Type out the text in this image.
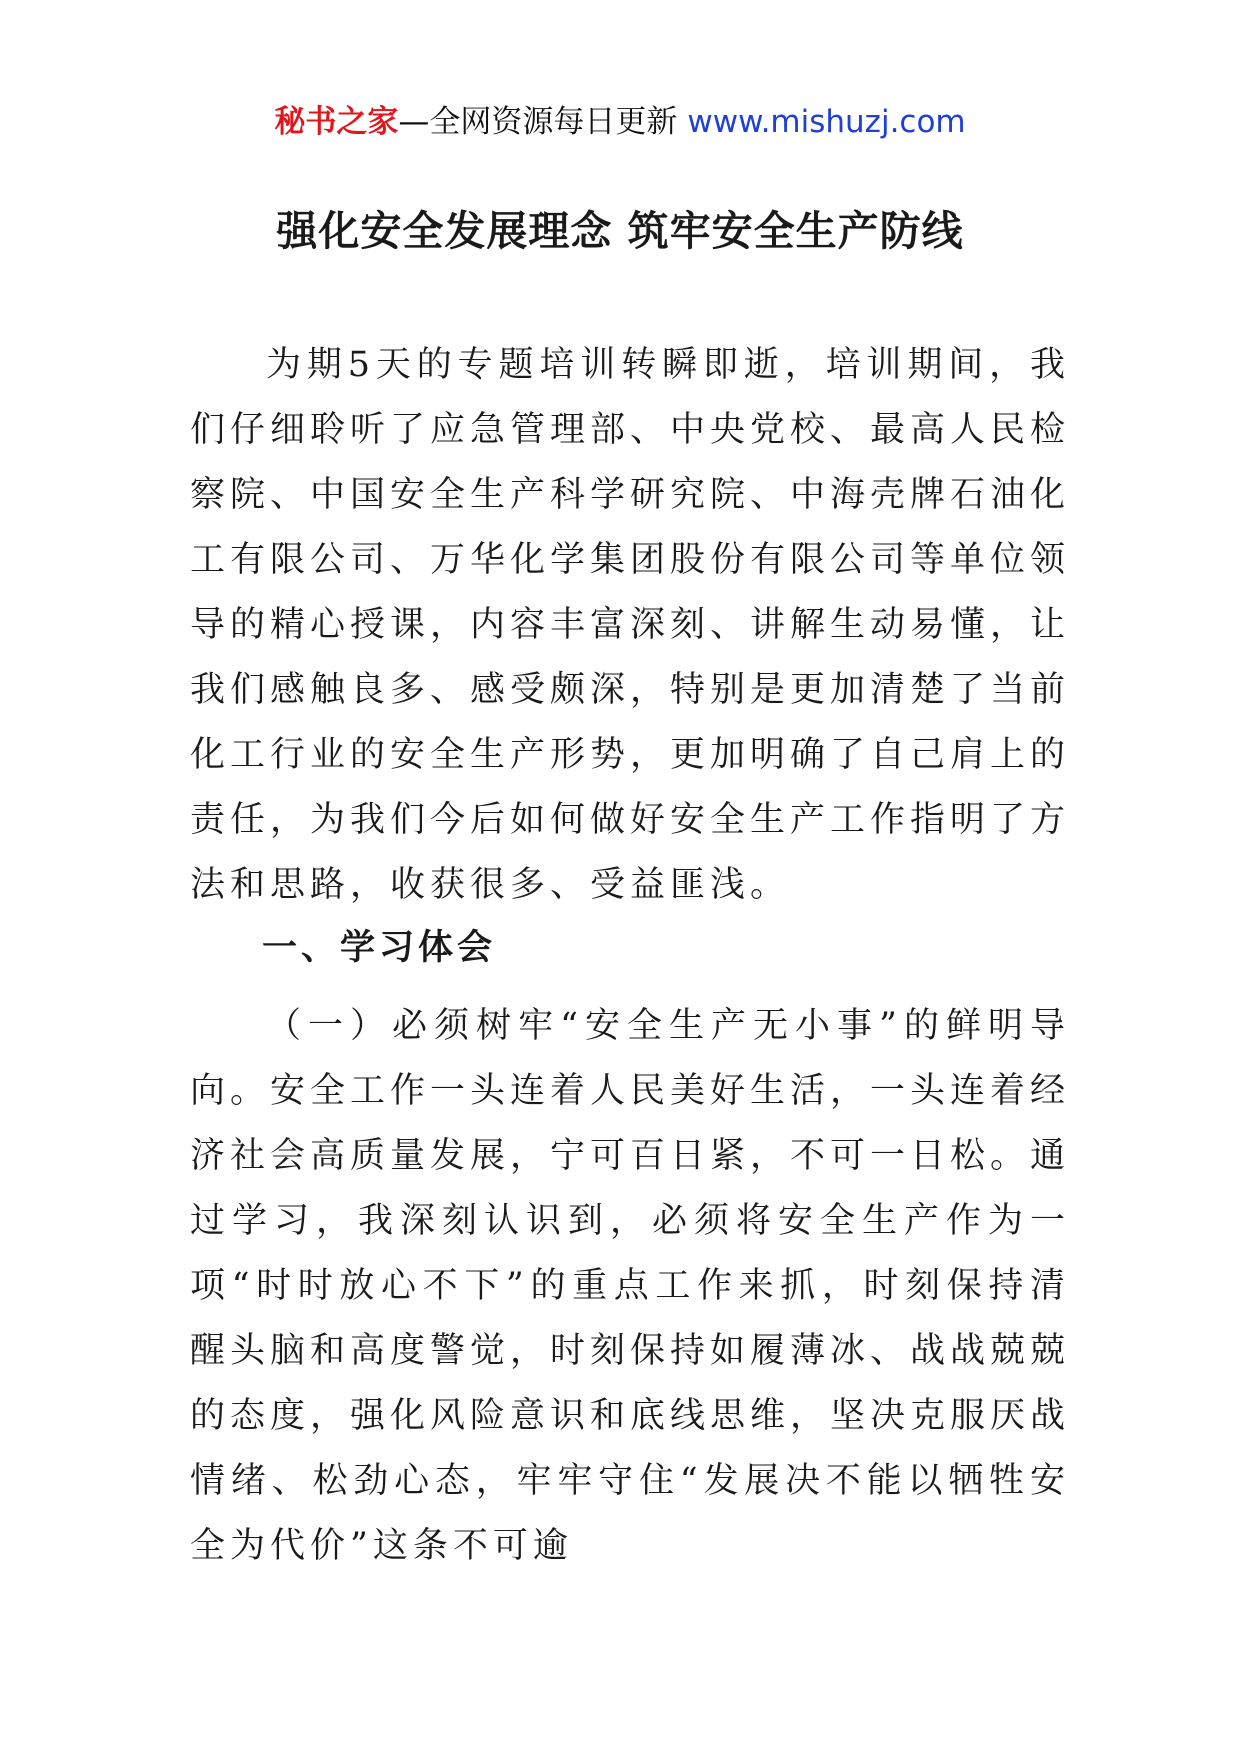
秘书之家—全网资源每日更新 www.mishuzj.com
强化安全发展理念 筑牢安全生产防线
为期5天的专题培训转瞬即逝，培训期间，我们仔细聆听了应急管理部、中央党校、最高人民检察院、中国安全生产科学研究院、中海壳牌石油化工有限公司、万华化学集团股份有限公司等单位领导的精心授课，内容丰富深刻、讲解生动易懂，让我们感触良多、感受颇深，特别是更加清楚了当前化工行业的安全生产形势，更加明确了自己肩上的责任，为我们今后如何做好安全生产工作指明了方法和思路，收获很多、受益匪浅。
一、学习体会
（一）必须树牢“安全生产无小事”的鲜明导向。安全工作一头连着人民美好生活，一头连着经济社会高质量发展，宁可百日紧，不可一日松。通过学习，我深刻认识到，必须将安全生产作为一项“时时放心不下”的重点工作来抓，时刻保持清醒头脑和高度警觉，时刻保持如履薄冰、战战兢兢的态度，强化风险意识和底线思维，坚决克服厌战情绪、松劲心态，牢牢守住“发展决不能以牺牲安全为代价”这条不可逾
